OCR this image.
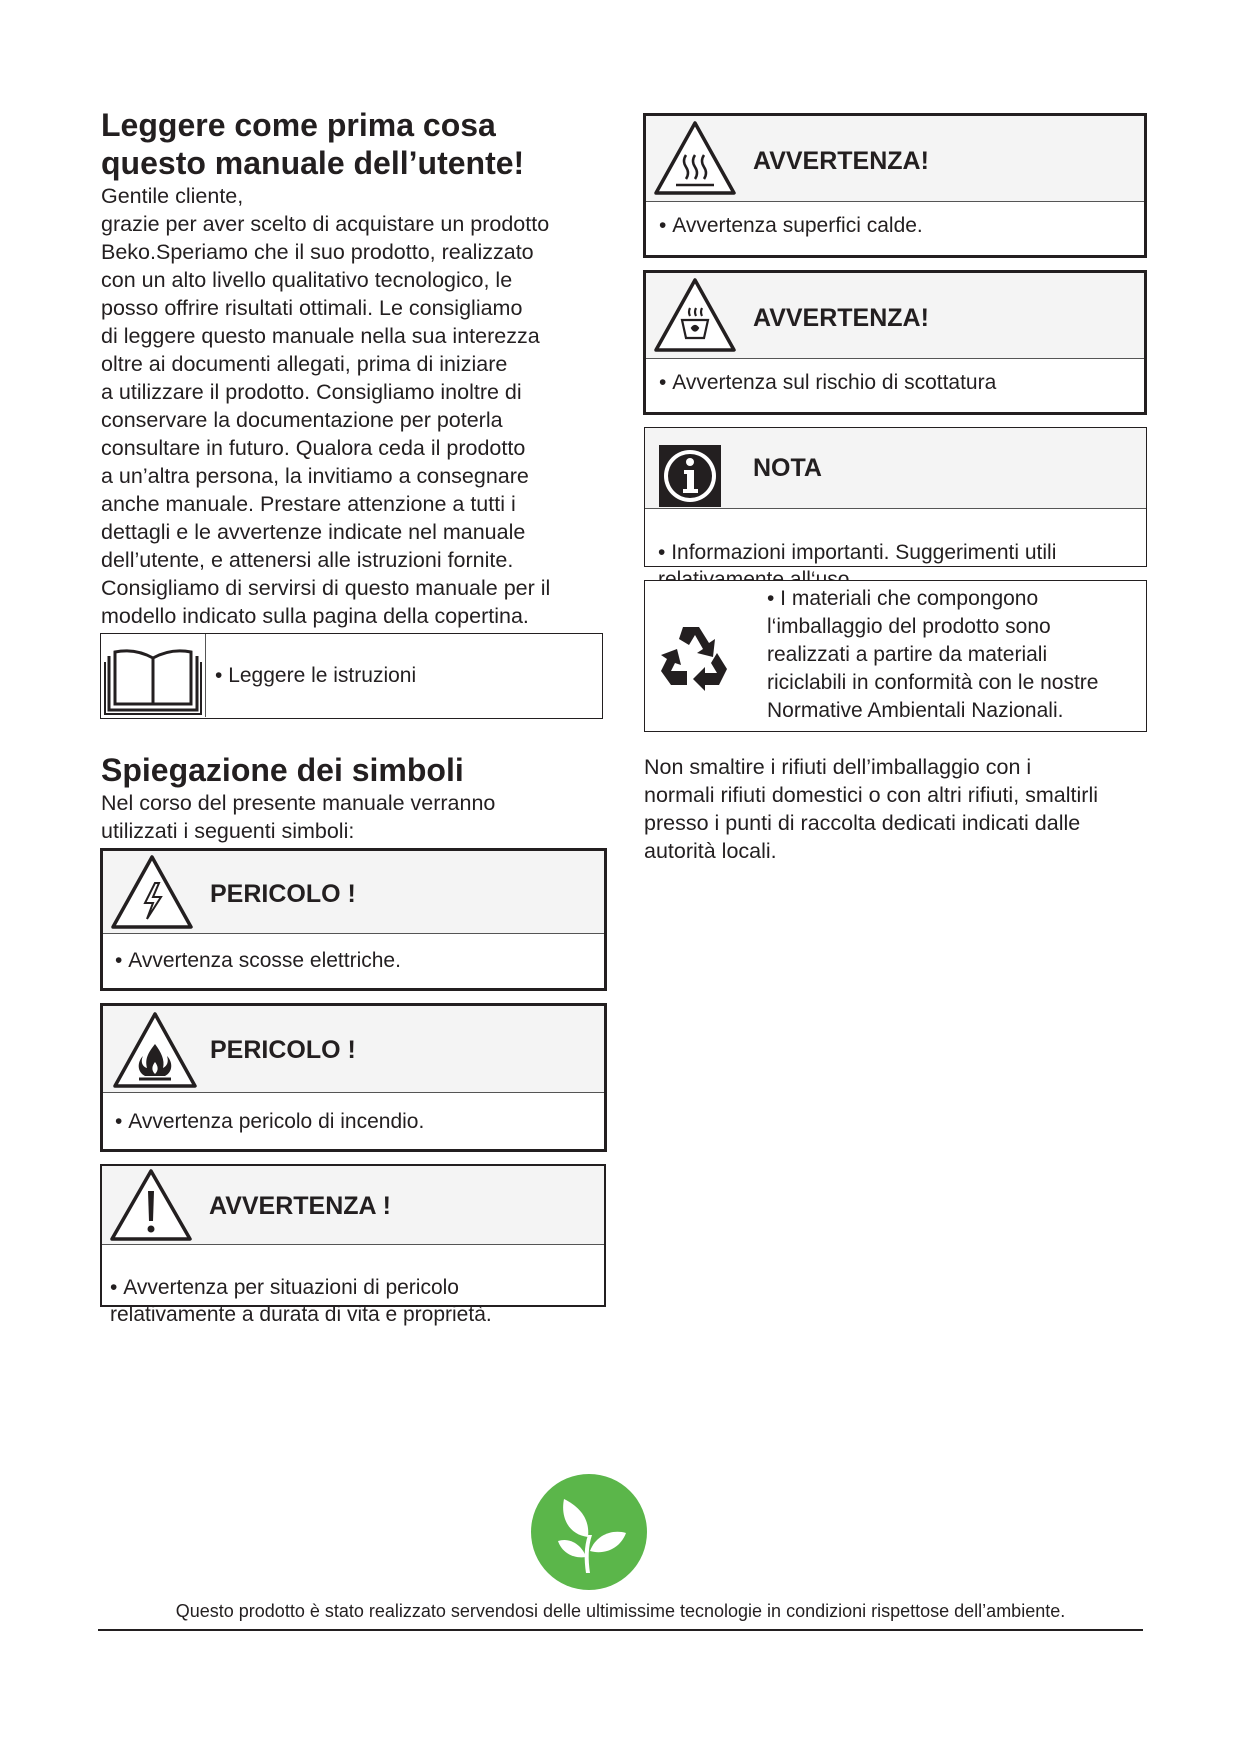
Leggere come prima cosa
questo manuale dell’utente!

Gentile cliente,

grazie per aver scelto di acquistare un prodotto
Beko.Speriamo che il suo prodotto, realizzato
con un alto livello qualitativo tecnologico, le
posso offrire risultati ottimali. Le consigliamo
di leggere questo manuale nella sua interezza
oltre ai documenti allegati, prima di iniziare
a utilizzare il prodotto. Consigliamo inoltre di
conservare la documentazione per poterla
consultare in futuro. Qualora ceda il prodotto
a un’altra persona, la invitiamo a consegnare
anche manuale. Prestare attenzione a tutti i
dettagli e le avvertenze indicate nel manuale
dell’utente, e attenersi alle istruzioni fornite.
Consigliamo di servirsi di questo manuale per il
modello indicato sulla pagina della copertina.

• Leggere le istruzioni
Spiegazione dei simboli

Nel corso del presente manuale verranno
utilizzati i seguenti simboli:

PERICOLO !
• Avvertenza scosse elettriche.
PERICOLO !
• Avvertenza pericolo di incendio.
AVVERTENZA !

• Avvertenza per situazioni di pericolo
relativamente a durata di vita e proprietà.

AVVERTENZA!
• Avvertenza superfici calde.
AVVERTENZA!
• Avvertenza sul rischio di scottatura
NOTA

• Informazioni importanti. Suggerimenti utili

• I materiali che compongono
l‘imballaggio del prodotto sono
realizzati a partire da materiali
riciclabili in conformità con le nostre
Normative Ambientali Nazionali.

Non smaltire i rifiuti dell’imballaggio con i
normali rifiuti domestici o con altri rifiuti, smaltirli
presso i punti di raccolta dedicati indicati dalle
autorità locali.

Questo prodotto è stato realizzato servendosi delle ultimissime tecnologie in condizioni rispettose dell’ambiente.
